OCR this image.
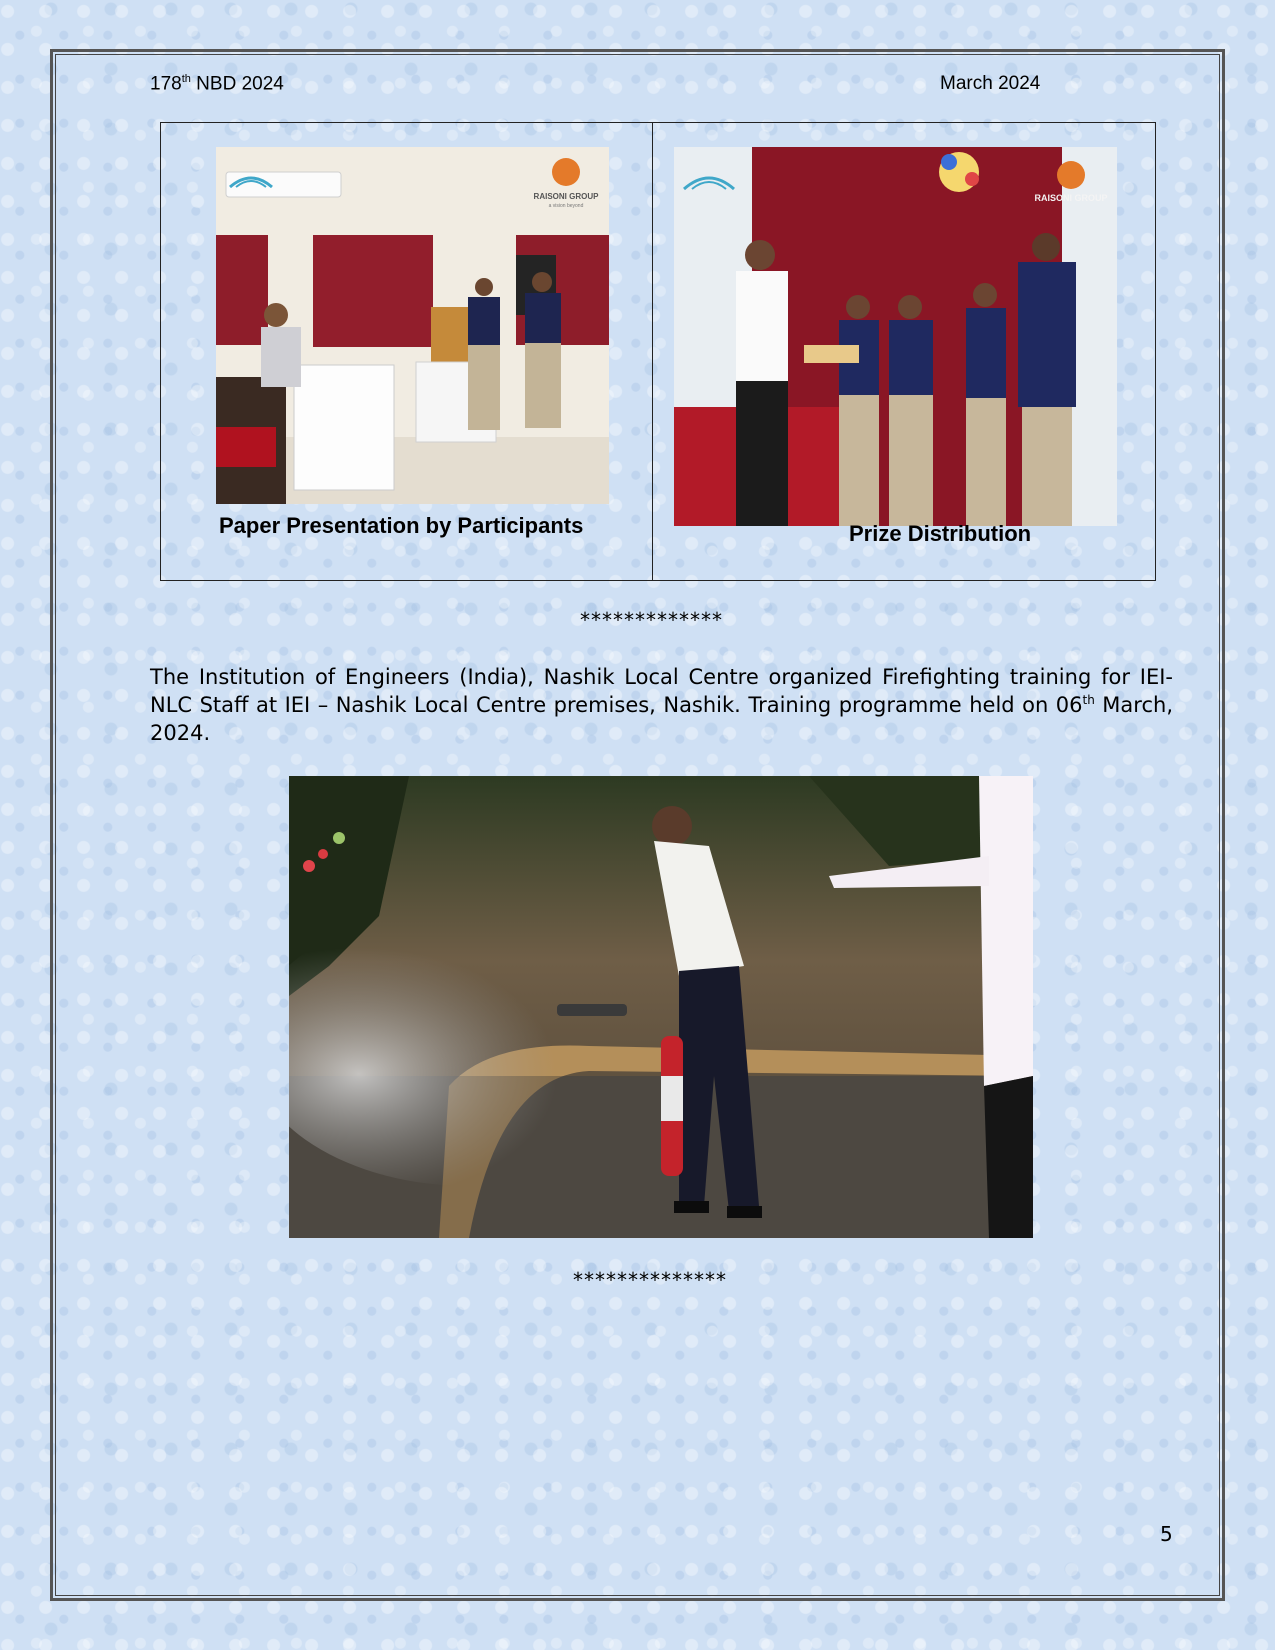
178th NBD 2024	March 2024
RAISONI GROUP
a vision beyond
Paper Presentation by Participants
RAISONI GROUP
Prize Distribution
*************

The Institution of Engineers (India), Nashik Local Centre organized Firefighting training for IEI-NLC Staff at IEI – Nashik Local Centre premises, Nashik. Training programme held on 06th March, 2024.

**************
5
